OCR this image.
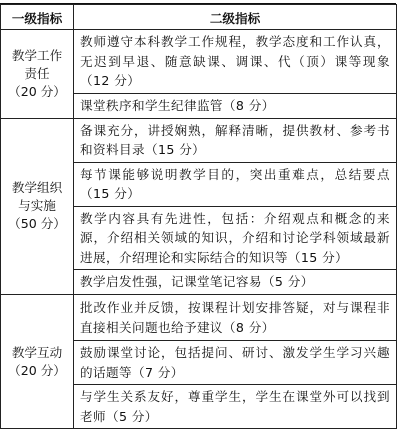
一级指标	二级指标

教学工作
责任
（20 分）	教师遵守本科教学工作规程，教学态度和工作认真，无迟到早退、随意缺课、调课、代（顶）课等现象（12 分）
	课堂秩序和学生纪律监管（8 分）

教学组织
与实施
（50 分）	备课充分，讲授娴熟，解释清晰，提供教材、参考书和资料目录（15 分）
	每节课能够说明教学目的，突出重难点，总结要点（15 分）
	教学内容具有先进性，包括：介绍观点和概念的来源，介绍相关领域的知识，介绍和讨论学科领域最新进展，介绍理论和实际结合的知识等（15 分）
	教学启发性强，记课堂笔记容易（5 分）

教学互动
（20 分）	批改作业并反馈，按课程计划安排答疑，对与课程非直接相关问题也给予建议（8 分）
	鼓励课堂讨论，包括提问、研讨、激发学生学习兴趣的话题等（7 分）
	与学生关系友好，尊重学生，学生在课堂外可以找到老师（5 分）
